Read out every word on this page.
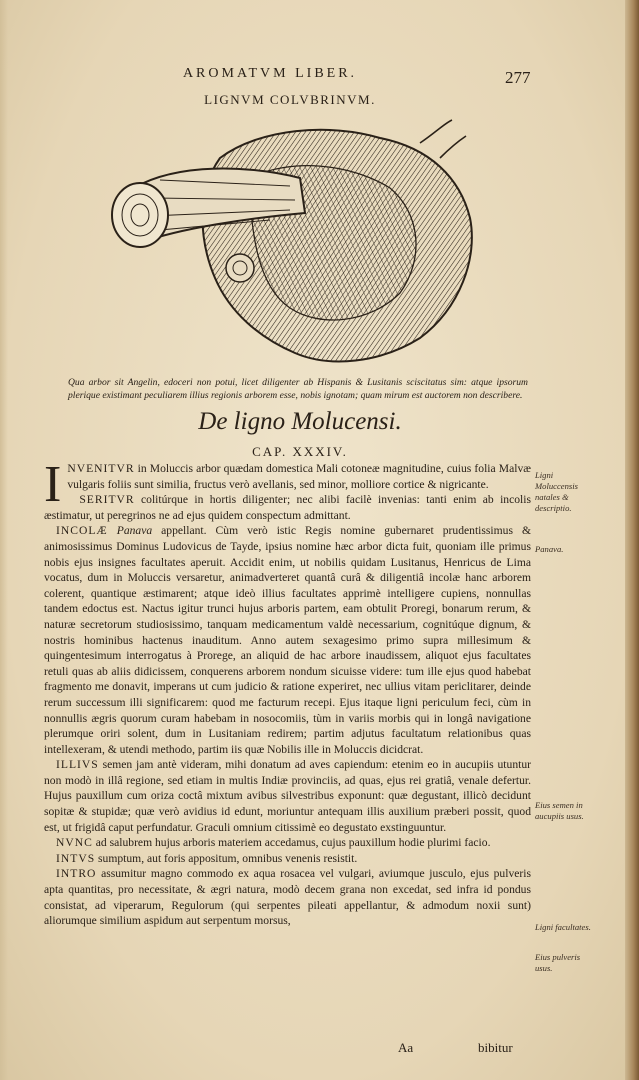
AROMATVM LIBER.	277
LIGNVM COLVBRINVM.
Qua arbor sit Angelin, edoceri non potui, licet diligenter ab Hispanis & Lusitanis sciscitatus sim: atque ipsorum plerique existimant peculiarem illius regionis arborem esse, nobis ignotam; quam mirum est auctorem non describere.
De ligno Molucensi.
CAP. XXXIV.

INVENITVR in Moluccis arbor quædam domestica Mali cotoneæ magnitudine, cuius folia Malvæ vulgaris foliis sunt similia, fructus verò avellanis, sed minor, molliore cortice & nigricante.

SERITVR colitúrque in hortis diligenter; nec alibi facilè invenias: tanti enim ab incolis æstimatur, ut peregrinos ne ad ejus quidem conspectum admittant.

INCOLÆ Panava appellant. Cùm verò istic Regis nomine gubernaret prudentissimus & animosissimus Dominus Ludovicus de Tayde, ipsius nomine hæc arbor dicta fuit, quoniam ille primus nobis ejus insignes facultates aperuit. Accidit enim, ut nobilis quidam Lusitanus, Henricus de Lima vocatus, dum in Moluccis versaretur, animadverteret quantâ curâ & diligentiâ incolæ hanc arborem colerent, quantique æstimarent; atque ideò illius facultates apprimè intelligere cupiens, nonnullas tandem edoctus est. Nactus igitur trunci hujus arboris partem, eam obtulit Proregi, bonarum rerum, & naturæ secretorum studiosissimo, tanquam medicamentum valdè necessarium, cognitúque dignum, & nostris hominibus hactenus inauditum. Anno autem sexagesimo primo supra millesimum & quingentesimum interrogatus à Prorege, an aliquid de hac arbore inaudissem, aliquot ejus facultates retuli quas ab aliis didicissem, conquerens arborem nondum sicuisse videre: tum ille ejus quod habebat fragmento me donavit, imperans ut cum judicio & ratione experiret, nec ullius vitam periclitarer, deinde rerum successum illi significarem: quod me facturum recepi. Ejus itaque ligni periculum feci, cùm in nonnullis ægris quorum curam habebam in nosocomiis, tùm in variis morbis qui in longâ navigatione plerumque oriri solent, dum in Lusitaniam redirem; partim adjutus facultatum relationibus quas intellexeram, & utendi methodo, partim iis quæ Nobilis ille in Moluccis dicidcrat.

ILLIVS semen jam antè videram, mihi donatum ad aves capiendum: etenim eo in aucupiis utuntur non modò in illâ regione, sed etiam in multis Indiæ provinciis, ad quas, ejus rei gratiâ, venale defertur. Hujus pauxillum cum oriza coctâ mixtum avibus silvestribus exponunt: quæ degustant, illicò decidunt sopitæ & stupidæ; quæ verò avidius id edunt, moriuntur antequam illis auxilium præberi possit, quod est, ut frigidâ caput perfundatur. Graculi omnium citissimè eo degustato exstinguuntur.

NVNC ad salubrem hujus arboris materiem accedamus, cujus pauxillum hodie plurimi facio.

INTVS sumptum, aut foris appositum, omnibus venenis resistit.

INTRO assumitur magno commodo ex aqua rosacea vel vulgari, aviumque jusculo, ejus pulveris apta quantitas, pro necessitate, & ægri natura, modò decem grana non excedat, sed infra id pondus consistat, ad viperarum, Regulorum (qui serpentes pileati appellantur, & admodum noxii sunt) aliorumque similium aspidum aut serpentum morsus,

Ligni Moluccensis natales & descriptio.
Panava.
Eius semen in aucupiis usus.
Ligni facultates.
Eius pulveris usus.
Aa	bibitur
